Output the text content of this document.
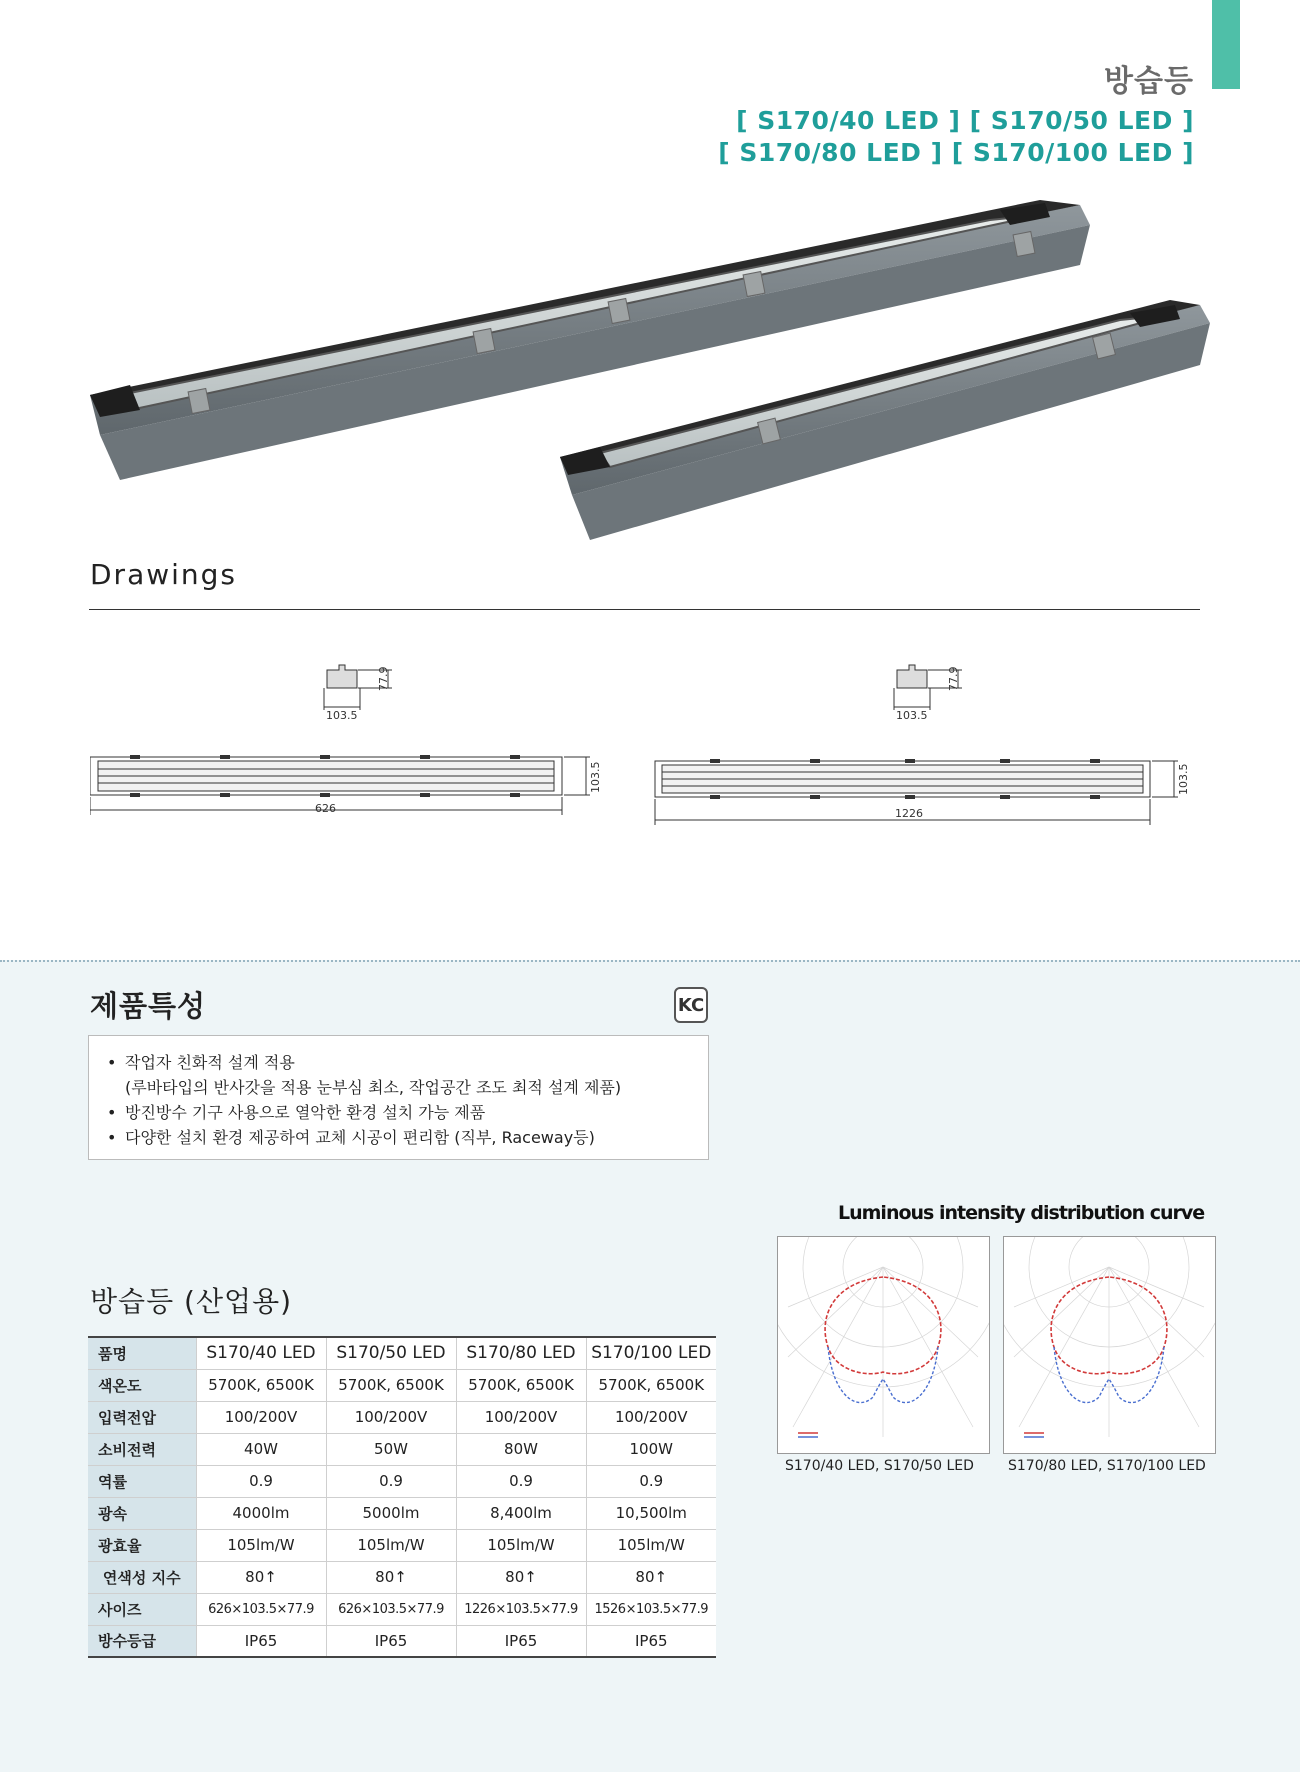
방습등
[ S170/40 LED ] [ S170/50 LED ]
[ S170/80 LED ] [ S170/100 LED ]
Drawings
77.9
103.5
626
103.5
77.9
103.5
1226
103.5
제품특성	KC
• 작업자 친화적 설계 적용
(루바타입의 반사갓을 적용 눈부심 최소, 작업공간 조도 최적 설계 제품)
• 방진방수 기구 사용으로 열악한 환경 설치 가능 제품
• 다양한 설치 환경 제공하여 교체 시공이 편리함 (직부, Raceway등)
방습등 (산업용)
품명	S170/40 LED	S170/50 LED	S170/80 LED	S170/100 LED
색온도	5700K, 6500K	5700K, 6500K	5700K, 6500K	5700K, 6500K
입력전압	100/200V	100/200V	100/200V	100/200V
소비전력	40W	50W	80W	100W
역률	0.9	0.9	0.9	0.9
광속	4000lm	5000lm	8,400lm	10,500lm
광효율	105lm/W	105lm/W	105lm/W	105lm/W
연색성 지수	80↑	80↑	80↑	80↑
사이즈	626×103.5×77.9	626×103.5×77.9	1226×103.5×77.9	1526×103.5×77.9
방수등급	IP65	IP65	IP65	IP65
Luminous intensity distribution curve
S170/40 LED, S170/50 LED S170/80 LED, S170/100 LED
